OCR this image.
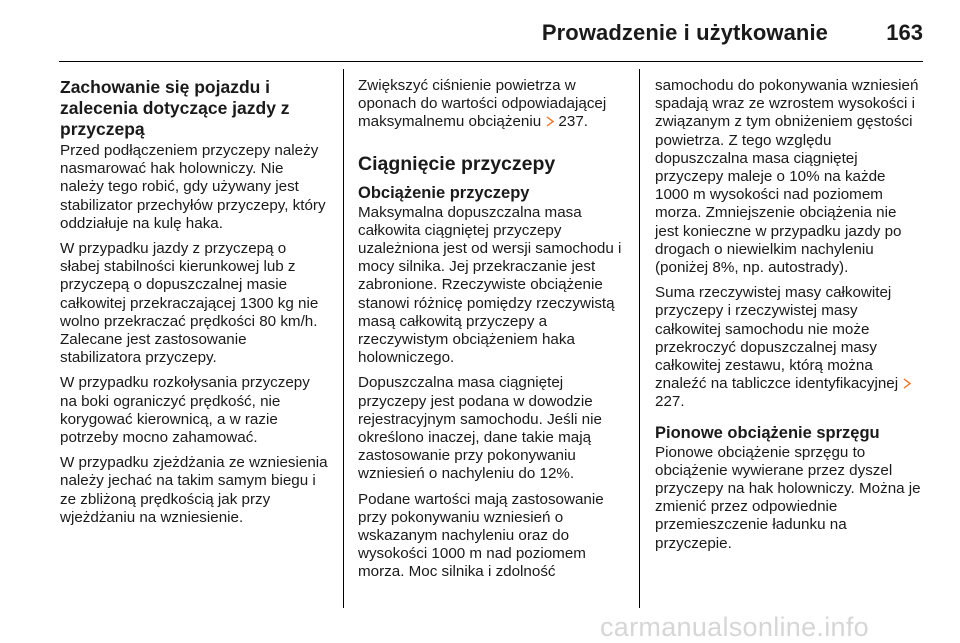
Prowadzenie i użytkowanie	163
Zachowanie się pojazdu i zalecenia dotyczące jazdy z przyczepą

Przed podłączeniem przyczepy należy nasmarować hak holowniczy. Nie należy tego robić, gdy używany jest stabilizator przechyłów przyczepy, który oddziałuje na kulę haka.

W przypadku jazdy z przyczepą o słabej stabilności kierunkowej lub z przyczepą o dopuszczalnej masie całkowitej przekraczającej 1300 kg nie wolno przekraczać prędkości 80 km/h. Zalecane jest zastosowanie stabilizatora przyczepy.

W przypadku rozkołysania przyczepy na boki ograniczyć prędkość, nie korygować kierownicą, a w razie potrzeby mocno zahamować.

W przypadku zjeżdżania ze wzniesienia należy jechać na takim samym biegu i ze zbliżoną prędkością jak przy wjeżdżaniu na wzniesienie.

Zwiększyć ciśnienie powietrza w oponach do wartości odpowiadającej maksymalnemu obciążeniu 237.

Ciągnięcie przyczepy
Obciążenie przyczepy

Maksymalna dopuszczalna masa całkowita ciągniętej przyczepy uzależniona jest od wersji samochodu i mocy silnika. Jej przekraczanie jest zabronione. Rzeczywiste obciążenie stanowi różnicę pomiędzy rzeczywistą masą całkowitą przyczepy a rzeczywistym obciążeniem haka holowniczego.

Dopuszczalna masa ciągniętej przyczepy jest podana w dowodzie rejestracyjnym samochodu. Jeśli nie określono inaczej, dane takie mają zastosowanie przy pokonywaniu wzniesień o nachyleniu do 12%.

Podane wartości mają zastosowanie przy pokonywaniu wzniesień o wskazanym nachyleniu oraz do wysokości 1000 m nad poziomem morza. Moc silnika i zdolność

samochodu do pokonywania wzniesień spadają wraz ze wzrostem wysokości i związanym z tym obniżeniem gęstości powietrza. Z tego względu dopuszczalna masa ciągniętej przyczepy maleje o 10% na każde 1000 m wysokości nad poziomem morza. Zmniejszenie obciążenia nie jest konieczne w przypadku jazdy po drogach o niewielkim nachyleniu (poniżej 8%, np. autostrady).

Suma rzeczywistej masy całkowitej przyczepy i rzeczywistej masy całkowitej samochodu nie może przekroczyć dopuszczalnej masy całkowitej zestawu, którą można znaleźć na tabliczce identyfikacyjnej 227.

Pionowe obciążenie sprzęgu

Pionowe obciążenie sprzęgu to obciążenie wywierane przez dyszel przyczepy na hak holowniczy. Można je zmienić przez odpowiednie przemieszczenie ładunku na przyczepie.

carmanualsonline.info
